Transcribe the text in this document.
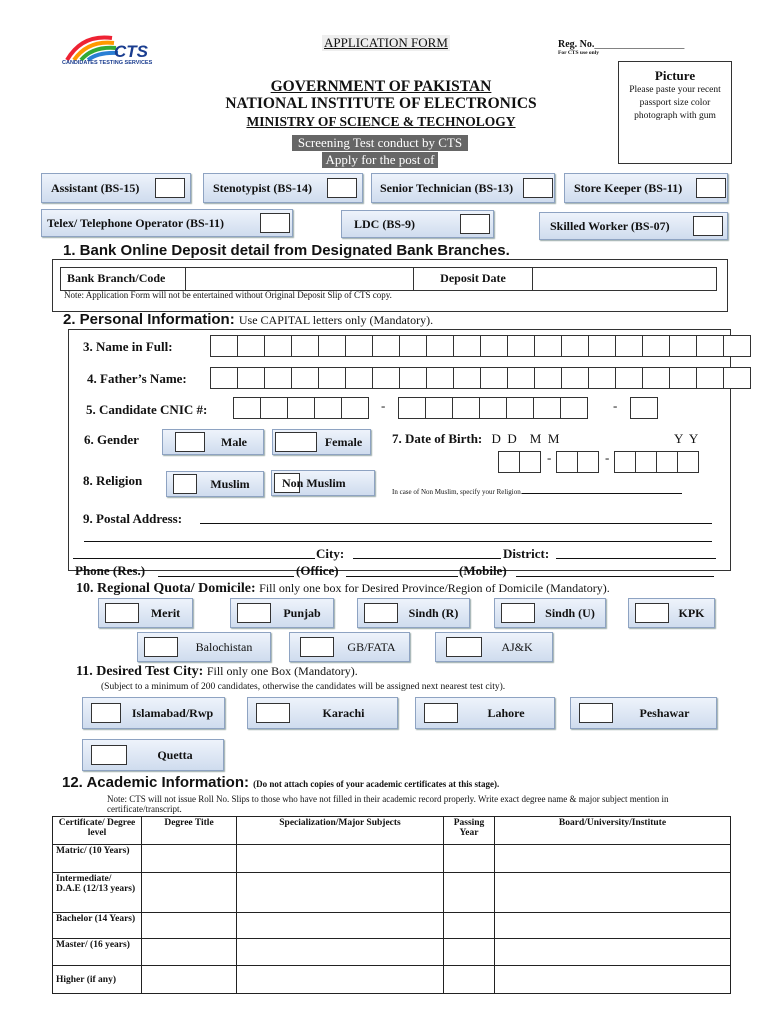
CTS
CANDIDATES TESTING SERVICES
APPLICATION FORM	Reg. No.__________________
For CTS use only
GOVERNMENT OF PAKISTAN
NATIONAL INSTITUTE OF ELECTRONICS
MINISTRY OF SCIENCE & TECHNOLOGY
Screening Test conduct by CTS
Apply for the post of
Picture
Please paste your recent passport size color photograph with gum
Assistant (BS-15)	Stenotypist (BS-14)	Senior Technician (BS-13)	Store Keeper (BS-11)
Telex/ Telephone Operator (BS-11)	LDC (BS-9)	Skilled Worker (BS-07)
1. Bank Online Deposit detail from Designated Bank Branches.
Bank Branch/Code	Deposit Date
Note: Application Form will not be entertained without Original Deposit Slip of CTS copy.
2. Personal Information: Use CAPITAL letters only (Mandatory).
3. Name in Full:
4. Father’s Name:
5. Candidate CNIC #:	-	-
6. Gender	Male	Female	7. Date of Birth: D  D    M  M	Y  Y
-	-
8. Religion	Muslim	Non Muslim
In case of Non Muslim, specify your Religion.
9. Postal Address:
City:	District:
Phone (Res.)	(Office)	(Mobile)
10. Regional Quota/ Domicile: Fill only one box for Desired Province/Region of Domicile (Mandatory).
Merit	Punjab	Sindh (R)	Sindh (U)	KPK
Balochistan	GB/FATA	AJ&K
11. Desired Test City: Fill only one Box (Mandatory).
(Subject to a minimum of 200 candidates, otherwise the candidates will be assigned next nearest test city).
Islamabad/Rwp	Karachi	Lahore	Peshawar
Quetta
12. Academic Information: (Do not attach copies of your academic certificates at this stage).
Note: CTS will not issue Roll No. Slips to those who have not filled in their academic record properly. Write exact degree name & major subject mention in certificate/transcript.
Certificate/ Degree level	Degree Title	Specialization/Major Subjects	Passing Year	Board/University/Institute
Matric/ (10 Years)				
Intermediate/ D.A.E (12/13 years)				
Bachelor (14 Years)				
Master/ (16 years)				
Higher (if any)				
